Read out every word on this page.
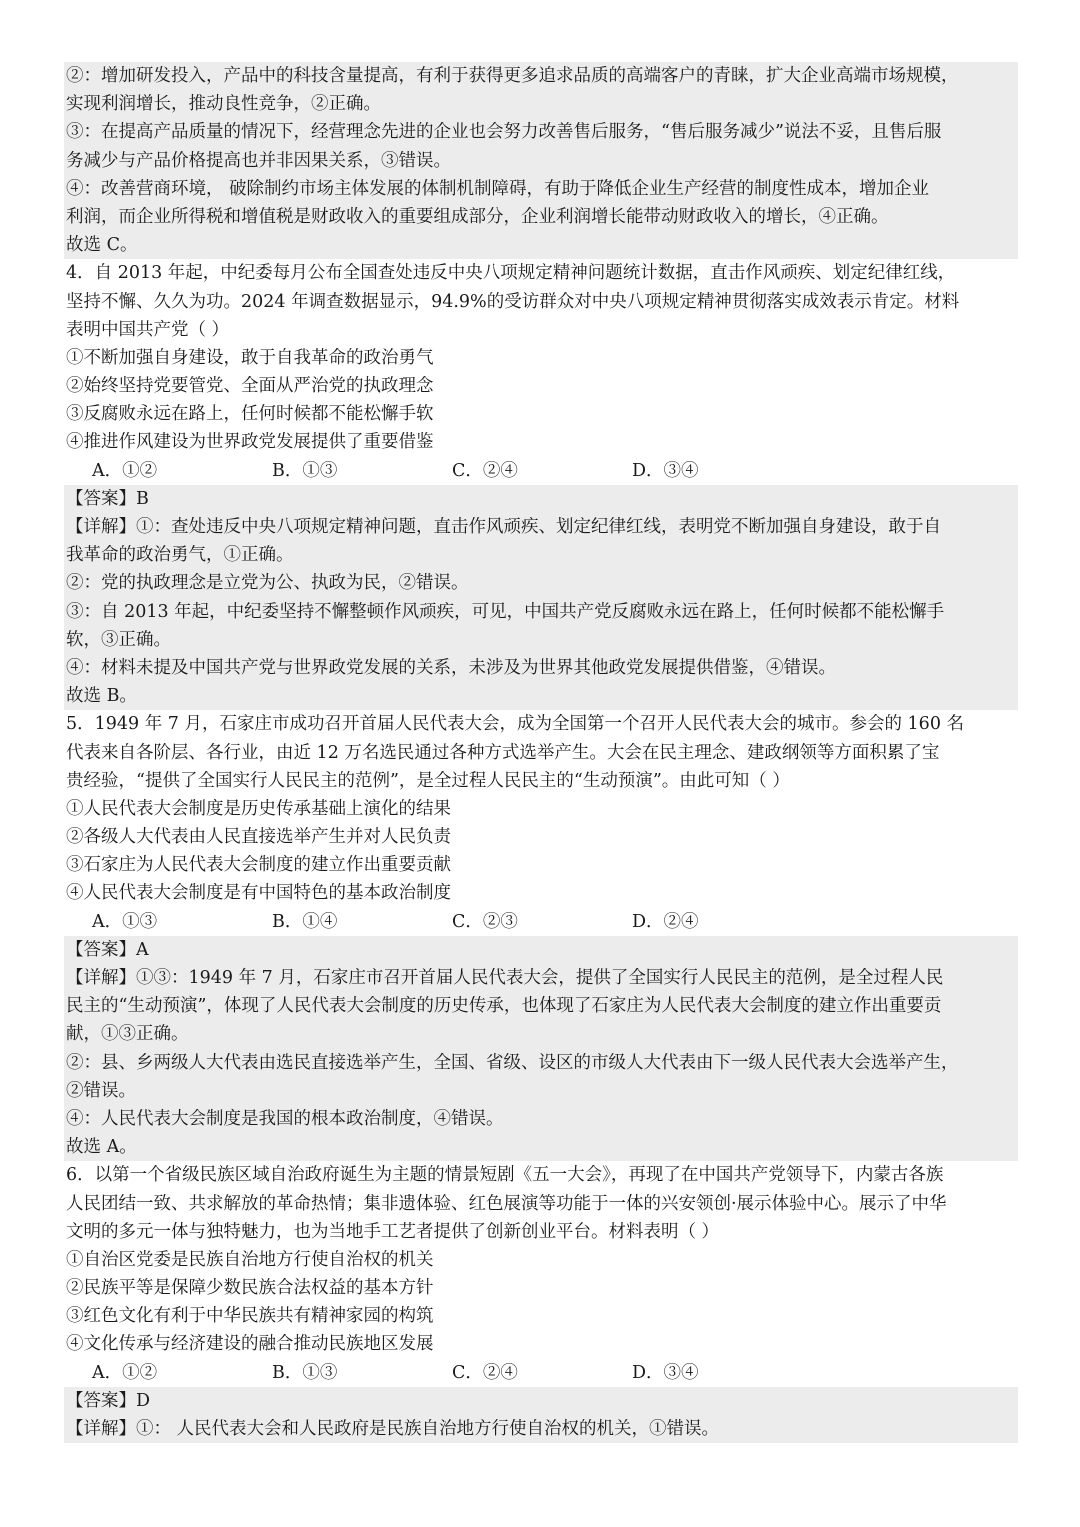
②：增加研发投入，产品中的科技含量提高，有利于获得更多追求品质的高端客户的青睐，扩大企业高端市场规模，
实现利润增长，推动良性竞争，②正确。
③：在提高产品质量的情况下，经营理念先进的企业也会努力改善售后服务，“售后服务减少”说法不妥，且售后服
务减少与产品价格提高也并非因果关系，③错误。
④：改善营商环境， 破除制约市场主体发展的体制机制障碍，有助于降低企业生产经营的制度性成本，增加企业
利润，而企业所得税和增值税是财政收入的重要组成部分，企业利润增长能带动财政收入的增长，④正确。
故选 C。
4．自 2013 年起，中纪委每月公布全国查处违反中央八项规定精神问题统计数据，直击作风顽疾、划定纪律红线，
坚持不懈、久久为功。2024 年调查数据显示，94.9%的受访群众对中央八项规定精神贯彻落实成效表示肯定。材料
表明中国共产党（ ）
①不断加强自身建设，敢于自我革命的政治勇气
②始终坚持党要管党、全面从严治党的执政理念
③反腐败永远在路上，任何时候都不能松懈手软
④推进作风建设为世界政党发展提供了重要借鉴
A．①②	B．①③	C．②④	D．③④
【答案】B
【详解】①：查处违反中央八项规定精神问题，直击作风顽疾、划定纪律红线，表明党不断加强自身建设，敢于自
我革命的政治勇气，①正确。
②：党的执政理念是立党为公、执政为民，②错误。
③：自 2013 年起，中纪委坚持不懈整顿作风顽疾，可见，中国共产党反腐败永远在路上，任何时候都不能松懈手
软，③正确。
④：材料未提及中国共产党与世界政党发展的关系，未涉及为世界其他政党发展提供借鉴，④错误。
故选 B。
5．1949 年 7 月，石家庄市成功召开首届人民代表大会，成为全国第一个召开人民代表大会的城市。参会的 160 名
代表来自各阶层、各行业，由近 12 万名选民通过各种方式选举产生。大会在民主理念、建政纲领等方面积累了宝
贵经验，“提供了全国实行人民民主的范例”，是全过程人民民主的“生动预演”。由此可知（ ）
①人民代表大会制度是历史传承基础上演化的结果
②各级人大代表由人民直接选举产生并对人民负责
③石家庄为人民代表大会制度的建立作出重要贡献
④人民代表大会制度是有中国特色的基本政治制度
A．①③	B．①④	C．②③	D．②④
【答案】A
【详解】①③：1949 年 7 月，石家庄市召开首届人民代表大会，提供了全国实行人民民主的范例，是全过程人民
民主的“生动预演”，体现了人民代表大会制度的历史传承，也体现了石家庄为人民代表大会制度的建立作出重要贡
献，①③正确。
②：县、乡两级人大代表由选民直接选举产生，全国、省级、设区的市级人大代表由下一级人民代表大会选举产生，
②错误。
④：人民代表大会制度是我国的根本政治制度，④错误。
故选 A。
6．以第一个省级民族区域自治政府诞生为主题的情景短剧《五一大会》，再现了在中国共产党领导下，内蒙古各族
人民团结一致、共求解放的革命热情；集非遗体验、红色展演等功能于一体的兴安领创·展示体验中心。展示了中华
文明的多元一体与独特魅力，也为当地手工艺者提供了创新创业平台。材料表明（ ）
①自治区党委是民族自治地方行使自治权的机关
②民族平等是保障少数民族合法权益的基本方针
③红色文化有利于中华民族共有精神家园的构筑
④文化传承与经济建设的融合推动民族地区发展
A．①②	B．①③	C．②④	D．③④
【答案】D
【详解】①： 人民代表大会和人民政府是民族自治地方行使自治权的机关，①错误。
